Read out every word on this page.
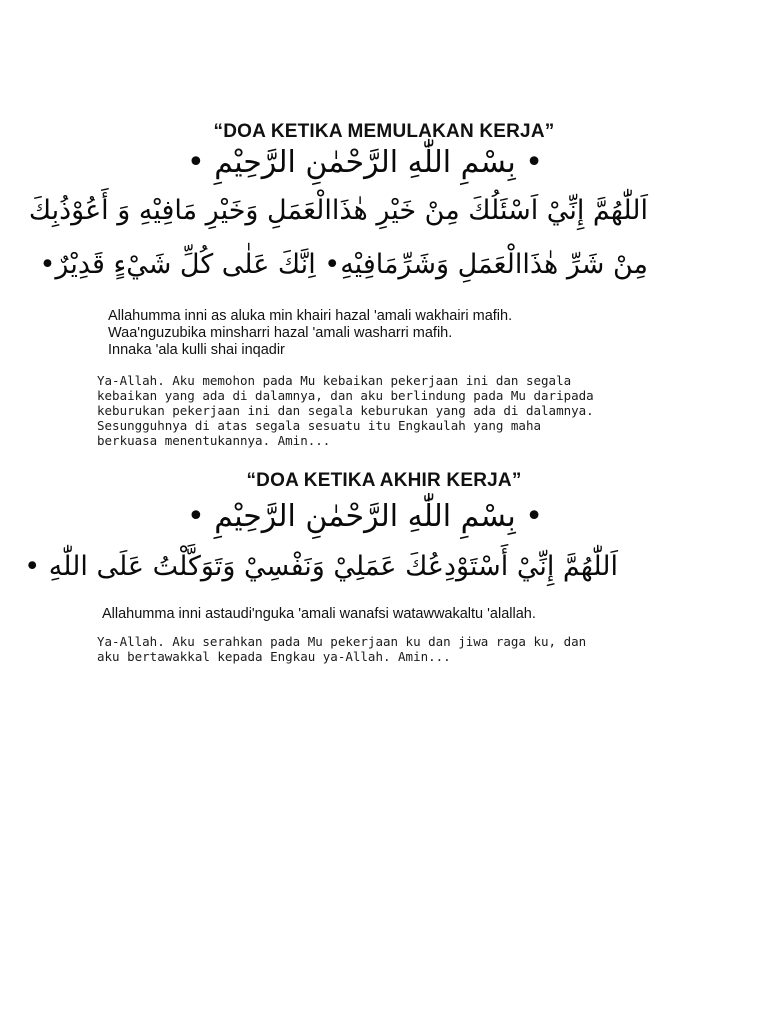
“DOA KETIKA MEMULAKAN KERJA”
• بِسْمِ اللّٰهِ الرَّحْمٰنِ الرَّحِيْمِ •
اَللّٰهُمَّ إِنِّيْ اَسْئَلُكَ مِنْ خَيْرِ هٰذَاالْعَمَلِ وَخَيْرِ مَافِيْهِ وَ أَعُوْذُبِكَ
مِنْ شَرِّ هٰذَاالْعَمَلِ وَشَرِّمَافِيْهِ• اِنَّكَ عَلٰى كُلِّ شَيْءٍ قَدِيْرٌ•
Allahumma inni as aluka min khairi hazal 'amali wakhairi mafih.
Waa'nguzubika minsharri hazal 'amali washarri mafih.
Innaka 'ala kulli shai inqadir
Ya-Allah. Aku memohon pada Mu kebaikan pekerjaan ini dan segala
kebaikan yang ada di dalamnya, dan aku berlindung pada Mu daripada
keburukan pekerjaan ini dan segala keburukan yang ada di dalamnya.
Sesungguhnya di atas segala sesuatu itu Engkaulah yang maha
berkuasa menentukannya. Amin...
“DOA KETIKA AKHIR KERJA”
• بِسْمِ اللّٰهِ الرَّحْمٰنِ الرَّحِيْمِ •
اَللّٰهُمَّ إِنِّيْ أَسْتَوْدِعُكَ عَمَلِيْ وَنَفْسِيْ وَتَوَكَّلْتُ عَلَى اللّٰهِ •
Allahumma inni astaudi'nguka 'amali wanafsi watawwakaltu 'alallah.
Ya-Allah. Aku serahkan pada Mu pekerjaan ku dan jiwa raga ku, dan
aku bertawakkal kepada Engkau ya-Allah. Amin...
